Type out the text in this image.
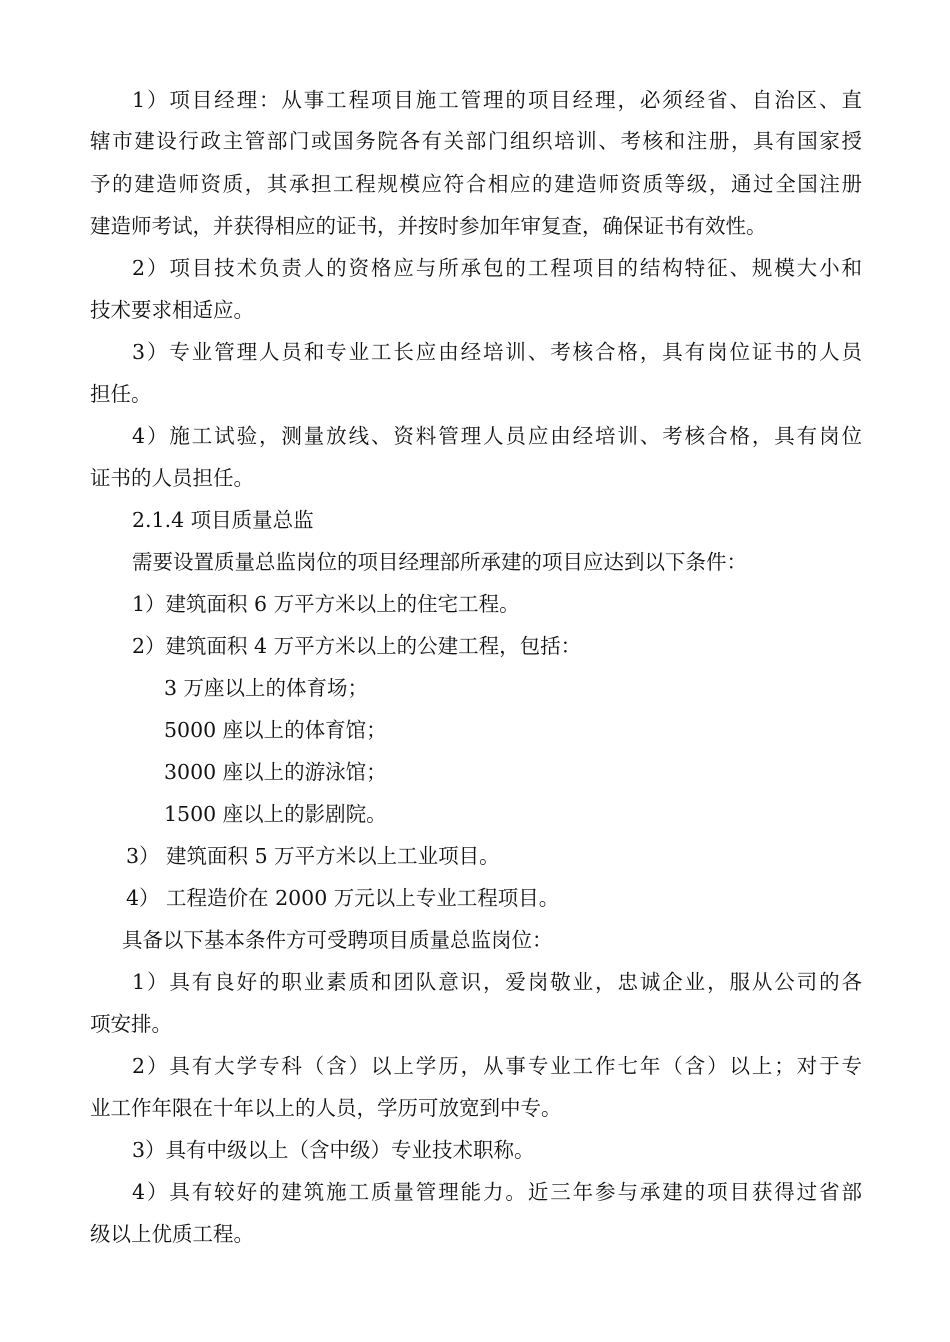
1）项目经理：从事工程项目施工管理的项目经理，必须经省、自治区、直
辖市建设行政主管部门或国务院各有关部门组织培训、考核和注册，具有国家授
予的建造师资质，其承担工程规模应符合相应的建造师资质等级，通过全国注册
建造师考试，并获得相应的证书，并按时参加年审复查，确保证书有效性。
2）项目技术负责人的资格应与所承包的工程项目的结构特征、规模大小和
技术要求相适应。
3）专业管理人员和专业工长应由经培训、考核合格，具有岗位证书的人员
担任。
4）施工试验，测量放线、资料管理人员应由经培训、考核合格，具有岗位
证书的人员担任。
2.1.4 项目质量总监
需要设置质量总监岗位的项目经理部所承建的项目应达到以下条件：
1）建筑面积 6 万平方米以上的住宅工程。
2）建筑面积 4 万平方米以上的公建工程，包括：
3 万座以上的体育场；
5000 座以上的体育馆；
3000 座以上的游泳馆；
1500 座以上的影剧院。
3） 建筑面积 5 万平方米以上工业项目。
4） 工程造价在 2000 万元以上专业工程项目。
具备以下基本条件方可受聘项目质量总监岗位：
1）具有良好的职业素质和团队意识，爱岗敬业，忠诚企业，服从公司的各
项安排。
2）具有大学专科（含）以上学历，从事专业工作七年（含）以上；对于专
业工作年限在十年以上的人员，学历可放宽到中专。
3）具有中级以上（含中级）专业技术职称。
4）具有较好的建筑施工质量管理能力。近三年参与承建的项目获得过省部
级以上优质工程。
